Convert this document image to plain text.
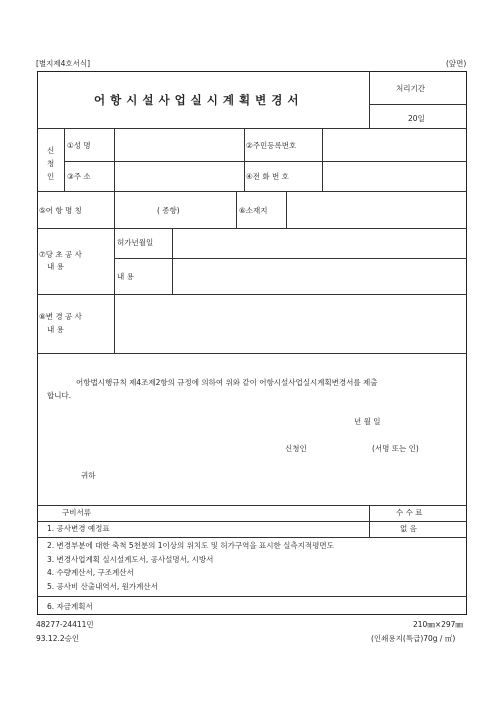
[별지제4호서식]	(앞면)
어 항 시 설 사 업 실 시 계 획 변 경 서
처리기간
20일
신
청
인
①성 명	②주민등록번호
③주 소	④전 화 번 호
⑤어 항 명 칭	( 종항)	⑥소재지
⑦당 초 공 사
내 용
허가년월일
내 용
⑧변 경 공 사
내 용
어항법시행규칙 제4조제2항의 규정에 의하여 위와 같이 어항시설사업실시계획변경서를 제출
합니다.
년 월 일
신청인	(서명 또는 인)
귀하
구비서류	수 수 료
없 음
1. 공사변경 예정표
2. 변경부분에 대한 축척 5천분의 1이상의 위치도 및 허가구역을 표시한 실측지적평면도
3. 변경사업계획 실시설계도서, 공사설명서, 시방서
4. 수량계산서, 구조계산서
5. 공사비 산출내역서, 원가계산서
6. 자금계획서
48277-24411민
93.12.2승인
210㎜×297㎜
(인쇄용지(특급)70g / ㎡)
